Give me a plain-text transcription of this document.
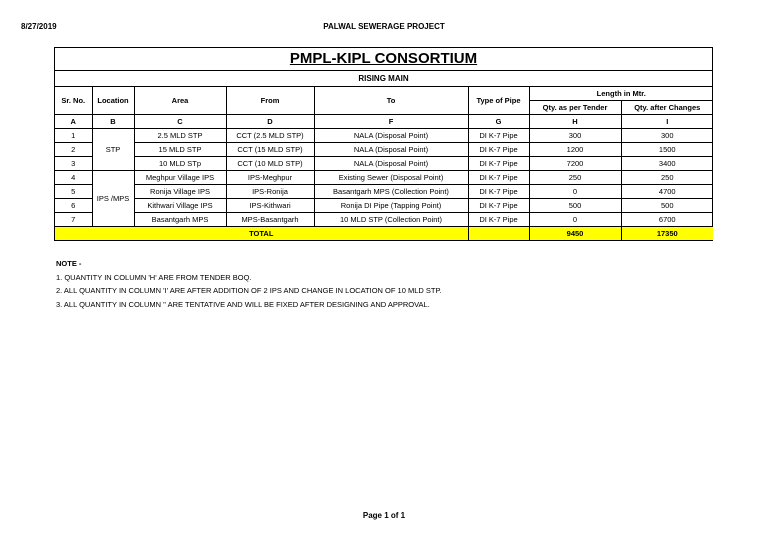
8/27/2019	PALWAL SEWERAGE PROJECT
PMPL-KIPL CONSORTIUM
RISING MAIN
Sr. No.	Location	Area	From	To	Type of Pipe	Length in Mtr.	
						Qty. as per Tender	Qty. after Changes
A	B	C	D	F	G	H	I
1	STP	2.5 MLD STP	CCT (2.5 MLD STP)	NALA (Disposal Point)	DI K-7 Pipe	300	300
2		15 MLD STP	CCT (15 MLD STP)	NALA (Disposal Point)	DI K-7 Pipe	1200	1500
3		10 MLD STp	CCT (10 MLD STP)	NALA (Disposal Point)	DI K-7 Pipe	7200	3400
4	IPS /MPS	Meghpur Village IPS	IPS-Meghpur	Existing Sewer (Disposal Point)	DI K-7 Pipe	250	250
5		Ronija Village IPS	IPS-Ronija	Basantgarh MPS (Collection Point)	DI K-7 Pipe	0	4700
6		Kithwari Village IPS	IPS-Kithwari	Ronija DI Pipe (Tapping Point)	DI K-7 Pipe	500	500
7		Basantgarh MPS	MPS-Basantgarh	10 MLD STP (Collection Point)	DI K-7 Pipe	0	6700
TOTAL						9450	17350
NOTE -
1. QUANTITY IN COLUMN 'H' ARE FROM TENDER BOQ.
2. ALL QUANTITY IN COLUMN 'I' ARE AFTER ADDITION OF 2 IPS AND CHANGE IN LOCATION OF 10 MLD STP.
3. ALL QUANTITY IN COLUMN '' ARE TENTATIVE AND WILL BE FIXED AFTER DESIGNING AND APPROVAL.
Page 1 of 1
